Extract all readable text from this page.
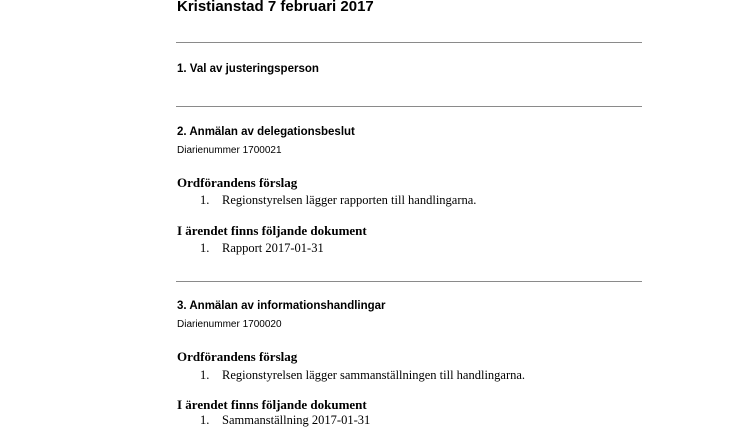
Kristianstad 7 februari 2017
1. Val av justeringsperson
2. Anmälan av delegationsbeslut
Diarienummer 1700021
Ordförandens förslag
1. Regionstyrelsen lägger rapporten till handlingarna.
I ärendet finns följande dokument
1. Rapport 2017-01-31
3. Anmälan av informationshandlingar
Diarienummer 1700020
Ordförandens förslag
1. Regionstyrelsen lägger sammanställningen till handlingarna.
I ärendet finns följande dokument
1. Sammanställning 2017-01-31
